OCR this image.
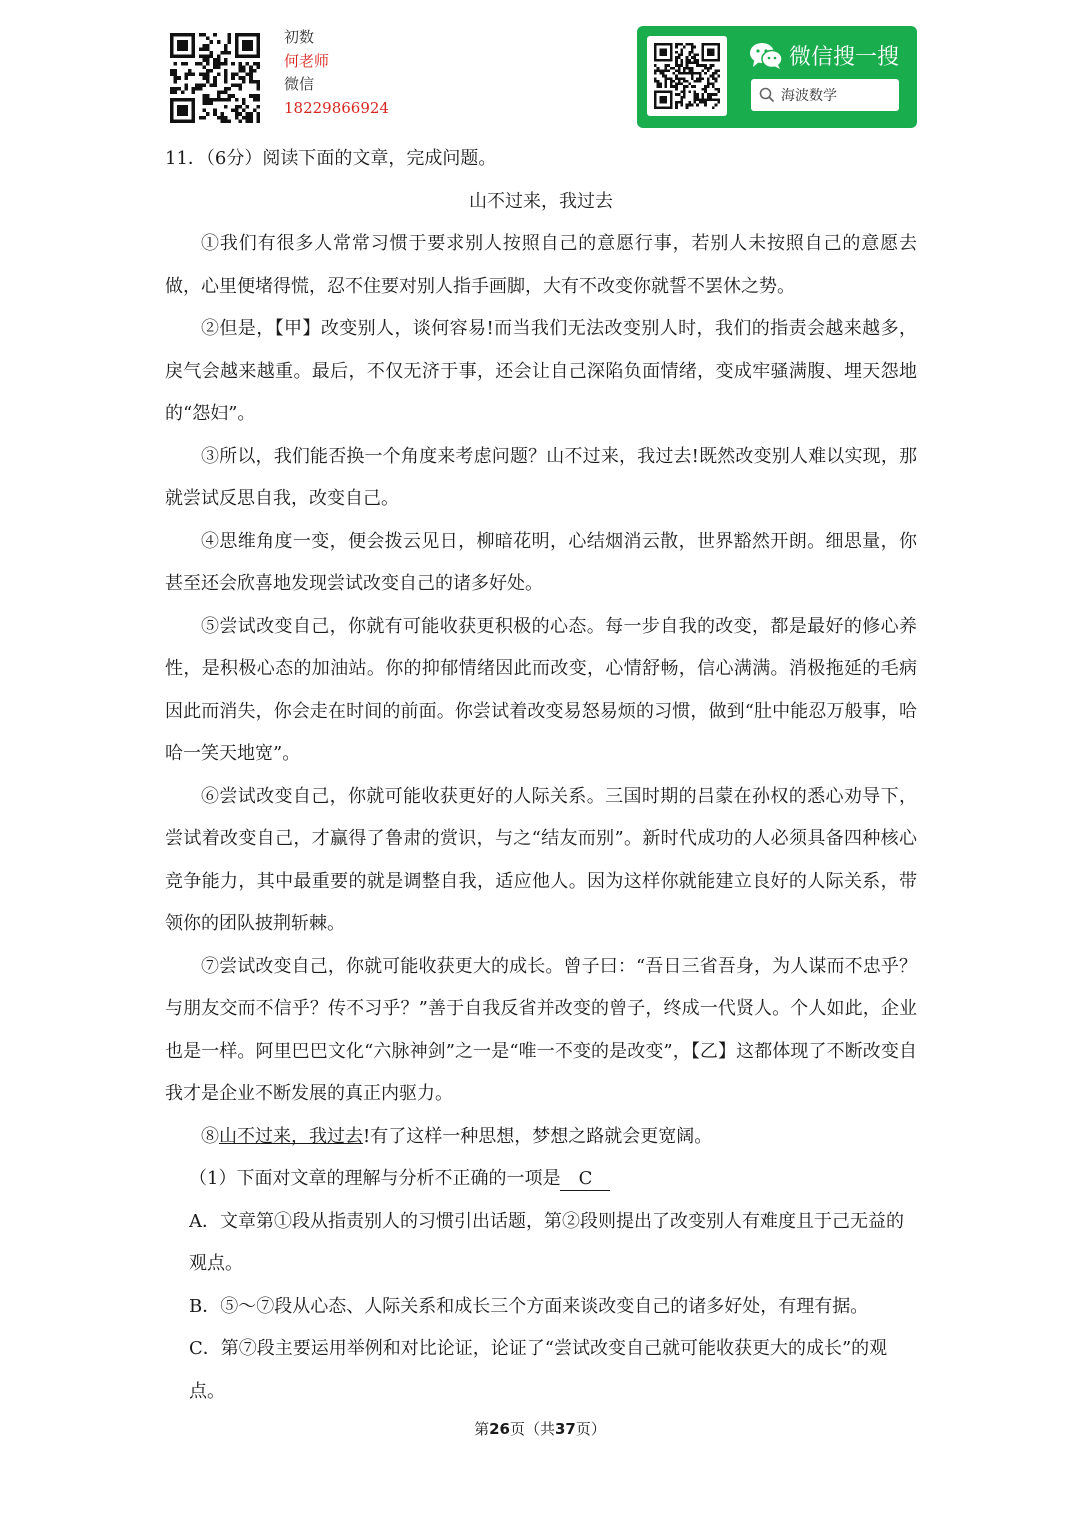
初数
何老师
微信
18229866924
微信搜一搜
海波数学

11．（6分）阅读下面的文章，完成问题。

山不过来，我过去

①我们有很多人常常习惯于要求别人按照自己的意愿行事，若别人未按照自己的意愿去做，心里便堵得慌，忍不住要对别人指手画脚，大有不改变你就誓不罢休之势。

②但是，【甲】改变别人，谈何容易!而当我们无法改变别人时，我们的指责会越来越多，戾气会越来越重。最后，不仅无济于事，还会让自己深陷负面情绪，变成牢骚满腹、埋天怨地的“怨妇”。

③所以，我们能否换一个角度来考虑问题？山不过来，我过去!既然改变别人难以实现，那就尝试反思自我，改变自己。

④思维角度一变，便会拨云见日，柳暗花明，心结烟消云散，世界豁然开朗。细思量，你甚至还会欣喜地发现尝试改变自己的诸多好处。

⑤尝试改变自己，你就有可能收获更积极的心态。每一步自我的改变，都是最好的修心养性，是积极心态的加油站。你的抑郁情绪因此而改变，心情舒畅，信心满满。消极拖延的毛病因此而消失，你会走在时间的前面。你尝试着改变易怒易烦的习惯，做到“肚中能忍万般事，哈哈一笑天地宽”。

⑥尝试改变自己，你就可能收获更好的人际关系。三国时期的吕蒙在孙权的悉心劝导下，尝试着改变自己，才赢得了鲁肃的赏识，与之“结友而别”。新时代成功的人必须具备四种核心竞争能力，其中最重要的就是调整自我，适应他人。因为这样你就能建立良好的人际关系，带领你的团队披荆斩棘。

⑦尝试改变自己，你就可能收获更大的成长。曾子曰：“吾日三省吾身，为人谋而不忠乎？与朋友交而不信乎？传不习乎？”善于自我反省并改变的曾子，终成一代贤人。个人如此，企业也是一样。阿里巴巴文化“六脉神剑”之一是“唯一不变的是改变”，【乙】这都体现了不断改变自我才是企业不断发展的真正内驱力。

⑧山不过来，我过去!有了这样一种思想，梦想之路就会更宽阔。

（1）下面对文章的理解与分析不正确的一项是 C

A．文章第①段从指责别人的习惯引出话题，第②段则提出了改变别人有难度且于己无益的观点。

B．⑤～⑦段从心态、人际关系和成长三个方面来谈改变自己的诸多好处，有理有据。

C．第⑦段主要运用举例和对比论证，论证了“尝试改变自己就可能收获更大的成长”的观点。

第26页（共37页）
